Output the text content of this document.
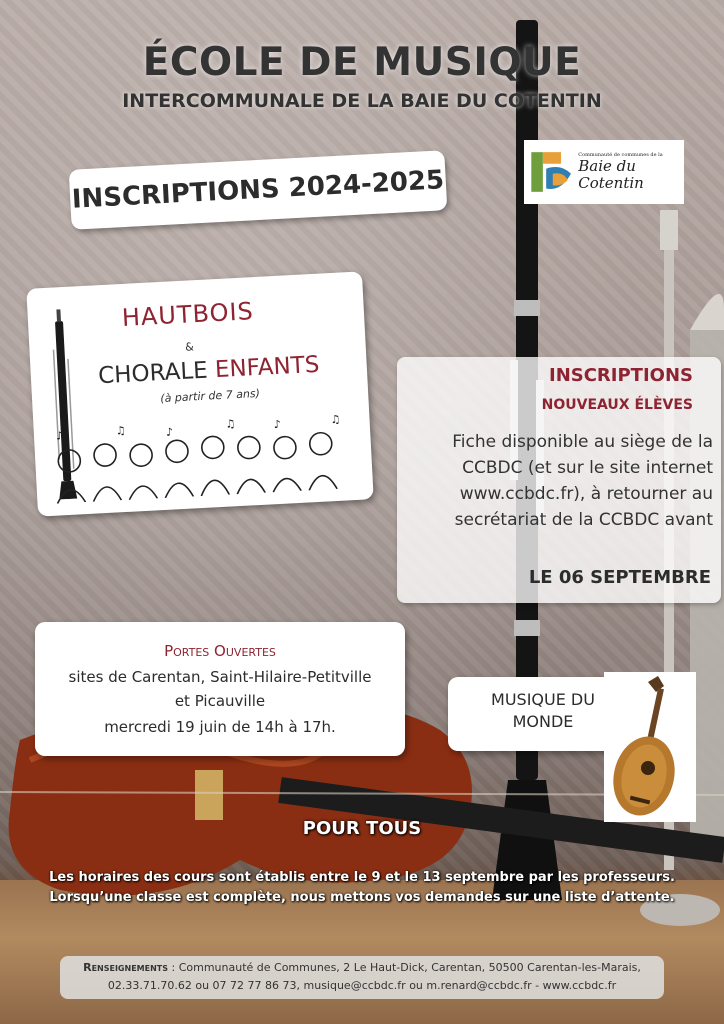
ÉCOLE DE MUSIQUE
INTERCOMMUNALE DE LA BAIE DU COTENTIN
INSCRIPTIONS 2024-2025
Communauté de communes de la
Baie du Cotentin
HAUTBOIS
&
CHORALE ENFANTS
(à partir de 7 ans)
♪	♫	♪
♫	♪	♫
INSCRIPTIONS
NOUVEAUX ÉLÈVES
Fiche disponible au siège de la
CCBDC (et sur le site internet
www.ccbdc.fr), à retourner au
secrétariat de la CCBDC avant
LE 06 SEPTEMBRE
Portes Ouvertes
sites de Carentan, Saint-Hilaire-Petitville
et Picauville
mercredi 19 juin de 14h à 17h.
MUSIQUE DU
MONDE
POUR TOUS
Les horaires des cours sont établis entre le 9 et le 13 septembre par les professeurs.
Lorsqu’une classe est complète, nous mettons vos demandes sur une liste d’attente.
Renseignements : Communauté de Communes, 2 Le Haut-Dick, Carentan, 50500 Carentan-les-Marais,
02.33.71.70.62 ou 07 72 77 86 73, musique@ccbdc.fr ou m.renard@ccbdc.fr - www.ccbdc.fr
